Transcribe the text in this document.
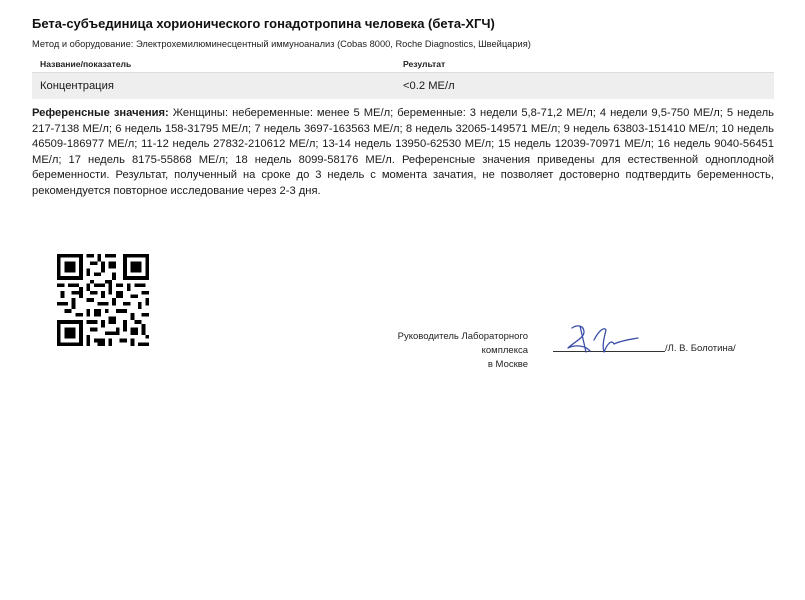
Бета-субъединица хорионического гонадотропина человека (бета-ХГЧ)
Метод и оборудование: Электрохемилюминесцентный иммуноанализ (Cobas 8000, Roche Diagnostics, Швейцария)
Название/показатель	Результат
Концентрация	<0.2 МЕ/л
Референсные значения: Женщины: небеременные: менее 5 МЕ/л; беременные: 3 недели 5,8-71,2 МЕ/л; 4 недели 9,5-750 МЕ/л; 5 недель 217-7138 МЕ/л; 6 недель 158-31795 МЕ/л; 7 недель 3697-163563 МЕ/л; 8 недель 32065-149571 МЕ/л; 9 недель 63803-151410 МЕ/л; 10 недель 46509-186977 МЕ/л; 11-12 недель 27832-210612 МЕ/л; 13-14 недель 13950-62530 МЕ/л; 15 недель 12039-70971 МЕ/л; 16 недель 9040-56451 МЕ/л; 17 недель 8175-55868 МЕ/л; 18 недель 8099-58176 МЕ/л. Референсные значения приведены для естественной одноплодной беременности. Результат, полученный на сроке до 3 недель с момента зачатия, не позволяет достоверно подтвердить беременность, рекомендуется повторное исследование через 2-3 дня.
Руководитель Лабораторного комплекса
в Москве
/Л. В. Болотина/
